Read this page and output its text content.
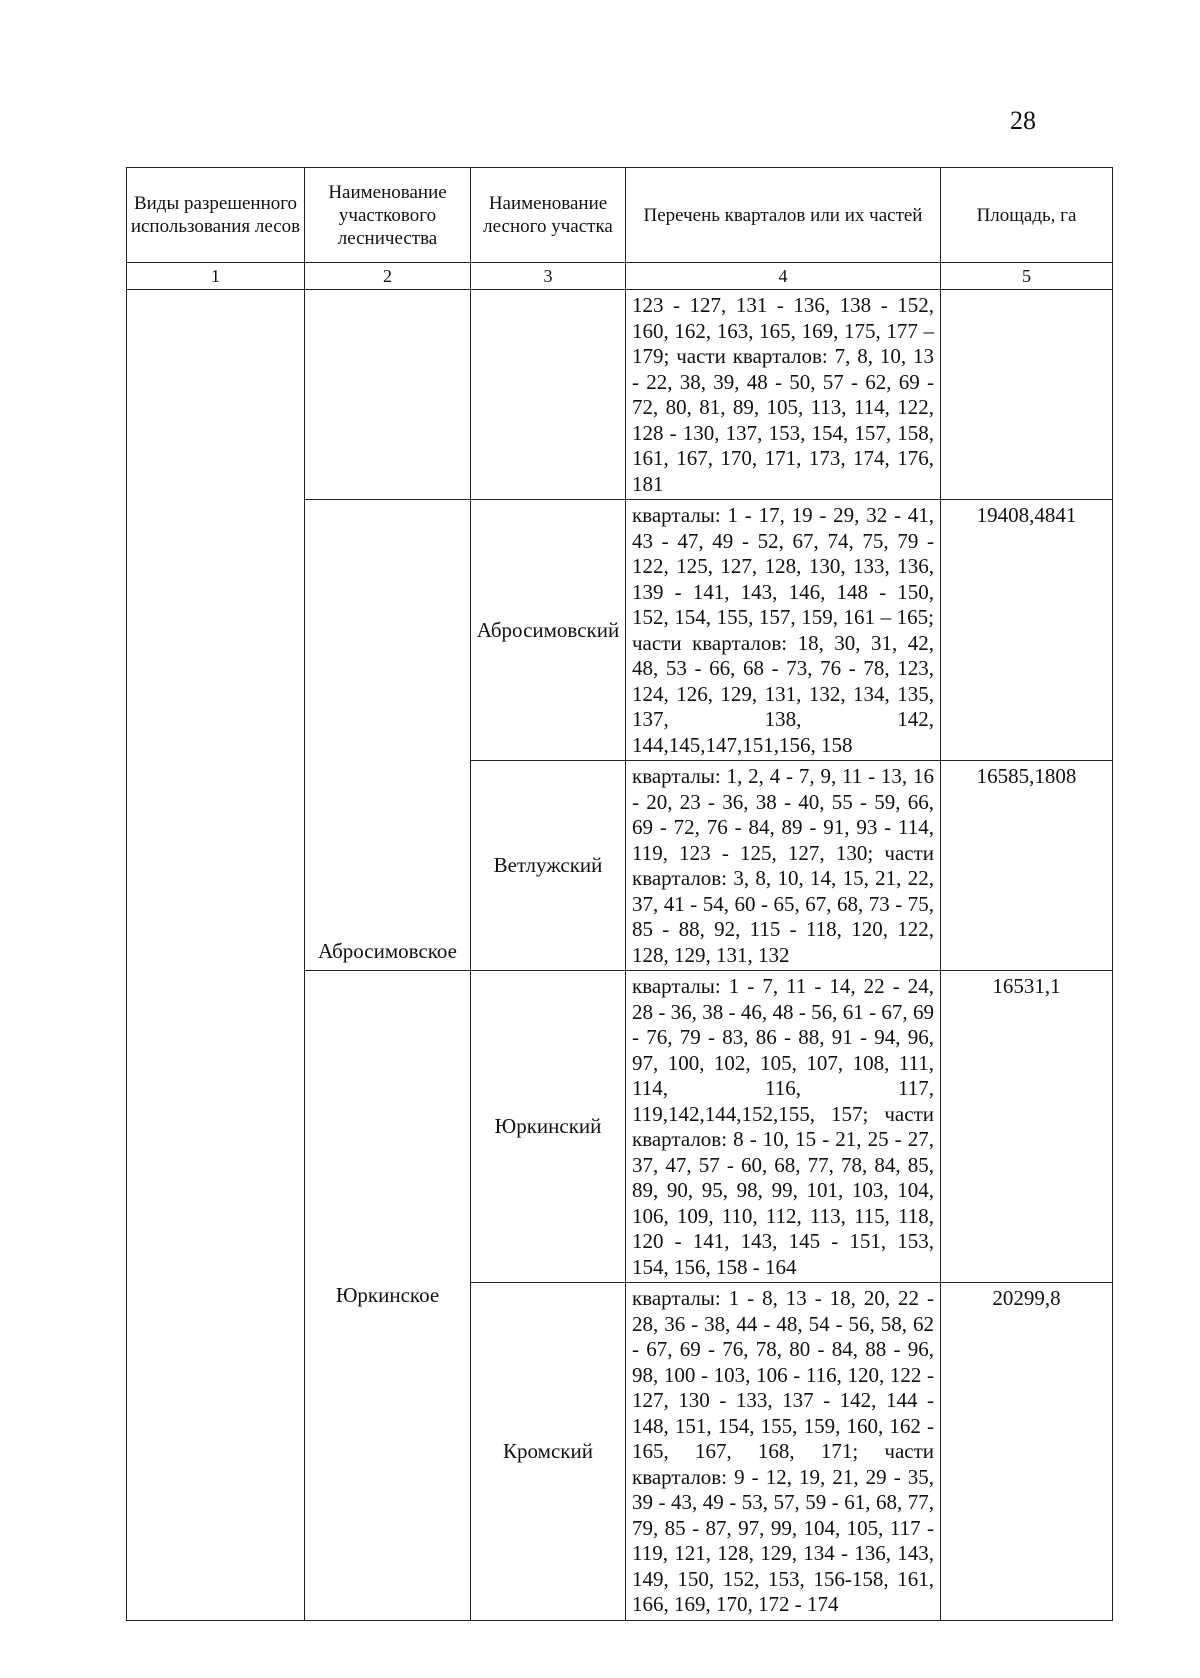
28
Виды разрешенного использования лесов	Наименование участкового лесничества	Наименование лесного участка	Перечень кварталов или их частей	Площадь, га
1	2	3	4	5
			123 - 127, 131 - 136, 138 - 152, 160, 162, 163, 165, 169, 175, 177 – 179; части кварталов: 7, 8, 10, 13 - 22, 38, 39, 48 - 50, 57 - 62, 69 - 72, 80, 81, 89, 105, 113, 114, 122, 128 - 130, 137, 153, 154, 157, 158, 161, 167, 170, 171, 173, 174, 176, 181	

	Абросимовское	Абросимовский	кварталы: 1 - 17, 19 - 29, 32 - 41, 43 - 47, 49 - 52, 67, 74, 75, 79 - 122, 125, 127, 128, 130, 133, 136, 139 - 141, 143, 146, 148 - 150, 152, 154, 155, 157, 159, 161 – 165; части кварталов: 18, 30, 31, 42, 48, 53 - 66, 68 - 73, 76 - 78, 123, 124, 126, 129, 131, 132, 134, 135, 137, 138, 142, 144,145,147,151,156, 158	19408,4841
		Ветлужский	кварталы: 1, 2, 4 - 7, 9, 11 - 13, 16 - 20, 23 - 36, 38 - 40, 55 - 59, 66, 69 - 72, 76 - 84, 89 - 91, 93 - 114, 119, 123 - 125, 127, 130; части кварталов: 3, 8, 10, 14, 15, 21, 22, 37, 41 - 54, 60 - 65, 67, 68, 73 - 75, 85 - 88, 92, 115 - 118, 120, 122, 128, 129, 131, 132	16585,1808
	Юркинское	Юркинский	кварталы: 1 - 7, 11 - 14, 22 - 24, 28 - 36, 38 - 46, 48 - 56, 61 - 67, 69 - 76, 79 - 83, 86 - 88, 91 - 94, 96, 97, 100, 102, 105, 107, 108, 111, 114, 116, 117, 119,142,144,152,155, 157; части кварталов: 8 - 10, 15 - 21, 25 - 27, 37, 47, 57 - 60, 68, 77, 78, 84, 85, 89, 90, 95, 98, 99, 101, 103, 104, 106, 109, 110, 112, 113, 115, 118, 120 - 141, 143, 145 - 151, 153, 154, 156, 158 - 164	16531,1
		Кромский	кварталы: 1 - 8, 13 - 18, 20, 22 - 28, 36 - 38, 44 - 48, 54 - 56, 58, 62 - 67, 69 - 76, 78, 80 - 84, 88 - 96, 98, 100 - 103, 106 - 116, 120, 122 - 127, 130 - 133, 137 - 142, 144 - 148, 151, 154, 155, 159, 160, 162 - 165, 167, 168, 171; части кварталов: 9 - 12, 19, 21, 29 - 35, 39 - 43, 49 - 53, 57, 59 - 61, 68, 77, 79, 85 - 87, 97, 99, 104, 105, 117 - 119, 121, 128, 129, 134 - 136, 143, 149, 150, 152, 153, 156-158, 161, 166, 169, 170, 172 - 174	20299,8
